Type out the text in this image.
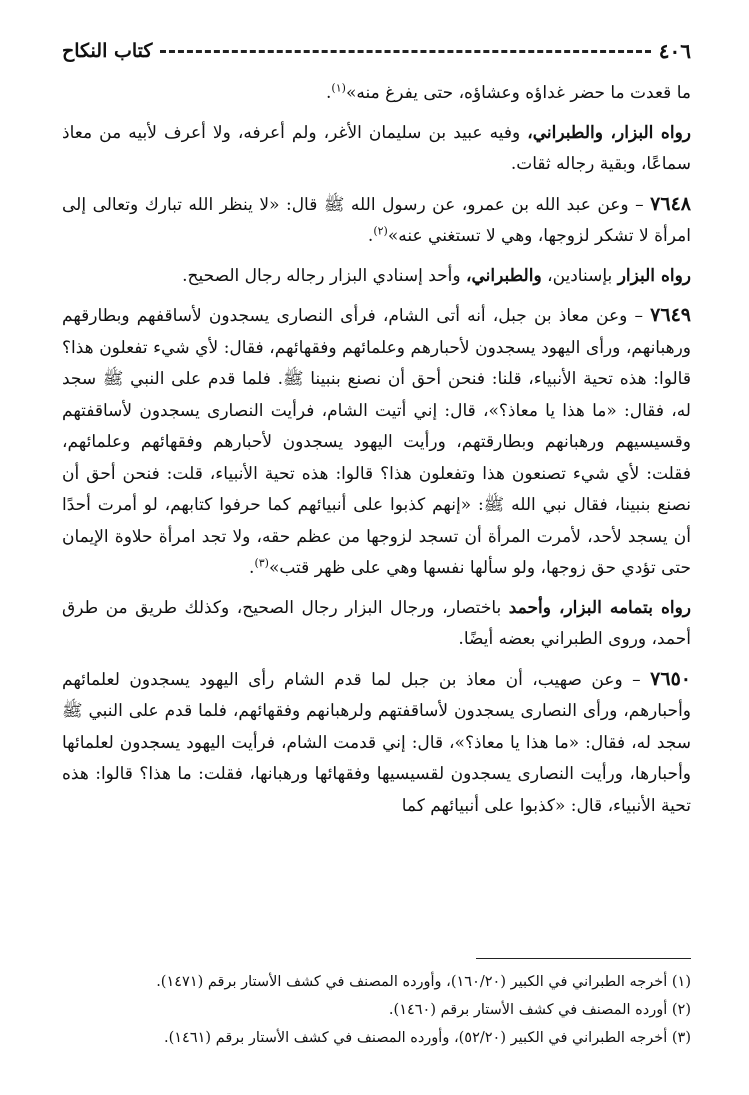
٤٠٦
كتاب النكاح

ما قعدت ما حضر غداؤه وعشاؤه، حتى يفرغ منه»$^{(١)}$.

رواه البزار، والطبراني، وفيه عبيد بن سليمان الأغر، ولم أعرفه، ولا أعرف لأبيه من معاذ سماعًا، وبقية رجاله ثقات.

٧٦٤٨ – وعن عبد الله بن عمرو، عن رسول الله ﷺ قال: «لا ينظر الله تبارك وتعالى إلى امرأة لا تشكر لزوجها، وهي لا تستغني عنه»$^{(٢)}$.

رواه البزار بإسنادين، والطبراني، وأحد إسنادي البزار رجاله رجال الصحيح.

٧٦٤٩ – وعن معاذ بن جبل، أنه أتى الشام، فرأى النصارى يسجدون لأساقفهم وبطارقهم ورهبانهم، ورأى اليهود يسجدون لأحبارهم وعلمائهم وفقهائهم، فقال: لأي شيء تفعلون هذا؟ قالوا: هذه تحية الأنبياء، قلنا: فنحن أحق أن نصنع بنبينا ﷺ. فلما قدم على النبي ﷺ سجد له، فقال: «ما هذا يا معاذ؟»، قال: إني أتيت الشام، فرأيت النصارى يسجدون لأساقفتهم وقسيسيهم ورهبانهم وبطارقتهم، ورأيت اليهود يسجدون لأحبارهم وفقهائهم وعلمائهم، فقلت: لأي شيء تصنعون هذا وتفعلون هذا؟ قالوا: هذه تحية الأنبياء، قلت: فنحن أحق أن نصنع بنبينا، فقال نبي الله ﷺ: «إنهم كذبوا على أنبيائهم كما حرفوا كتابهم، لو أمرت أحدًا أن يسجد لأحد، لأمرت المرأة أن تسجد لزوجها من عظم حقه، ولا تجد امرأة حلاوة الإيمان حتى تؤدي حق زوجها، ولو سألها نفسها وهي على ظهر قتب»$^{(٣)}$.

رواه بتمامه البزار، وأحمد باختصار، ورجال البزار رجال الصحيح، وكذلك طريق من طرق أحمد، وروى الطبراني بعضه أيضًا.

٧٦٥٠ – وعن صهيب، أن معاذ بن جبل لما قدم الشام رأى اليهود يسجدون لعلمائهم وأحبارهم، ورأى النصارى يسجدون لأساقفتهم ولرهبانهم وفقهائهم، فلما قدم على النبي ﷺ سجد له، فقال: «ما هذا يا معاذ؟»، قال: إني قدمت الشام، فرأيت اليهود يسجدون لعلمائها وأحبارها، ورأيت النصارى يسجدون لقسيسيها وفقهائها ورهبانها، فقلت: ما هذا؟ قالوا: هذه تحية الأنبياء، قال: «كذبوا على أنبيائهم كما

(١) أخرجه الطبراني في الكبير (١٦٠/٢٠)، وأورده المصنف في كشف الأستار برقم (١٤٧١).
(٢) أورده المصنف في كشف الأستار برقم (١٤٦٠).
(٣) أخرجه الطبراني في الكبير (٥٢/٢٠)، وأورده المصنف في كشف الأستار برقم (١٤٦١).
